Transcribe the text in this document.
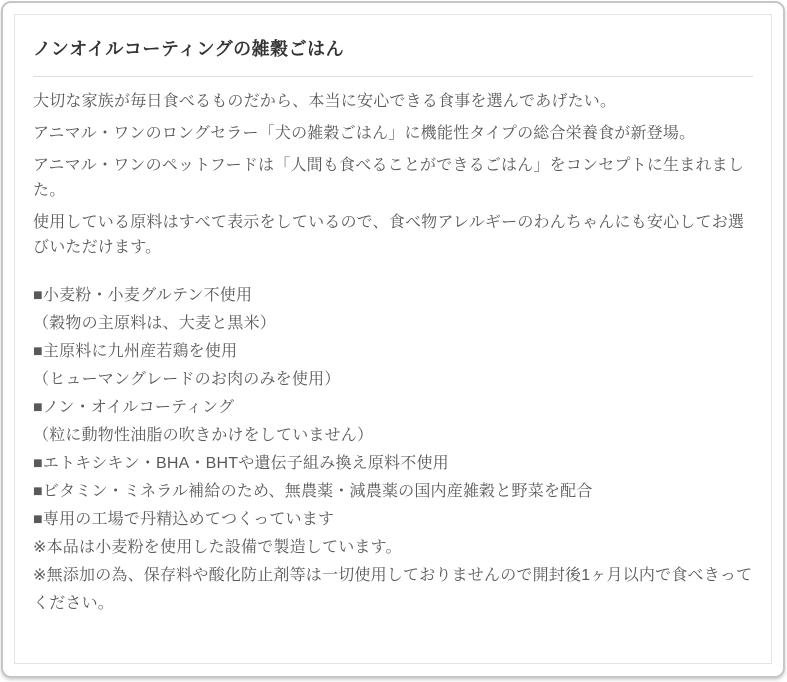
ノンオイルコーティングの雑穀ごはん

大切な家族が毎日食べるものだから、本当に安心できる食事を選んであげたい。

アニマル・ワンのロングセラー「犬の雑穀ごはん」に機能性タイプの総合栄養食が新登場。

アニマル・ワンのペットフードは「人間も食べることができるごはん」をコンセプトに生まれました。

使用している原料はすべて表示をしているので、食べ物アレルギーのわんちゃんにも安心してお選びいただけます。

■小麦粉・小麦グルテン不使用

（穀物の主原料は、大麦と黒米）

■主原料に九州産若鶏を使用

（ヒューマングレードのお肉のみを使用）

■ノン・オイルコーティング

（粒に動物性油脂の吹きかけをしていません）

■エトキシキン・BHA・BHTや遺伝子組み換え原料不使用

■ビタミン・ミネラル補給のため、無農薬・減農薬の国内産雑穀と野菜を配合

■専用の工場で丹精込めてつくっています

※本品は小麦粉を使用した設備で製造しています。

※無添加の為、保存料や酸化防止剤等は一切使用しておりませんので開封後1ヶ月以内で食べきってください。
